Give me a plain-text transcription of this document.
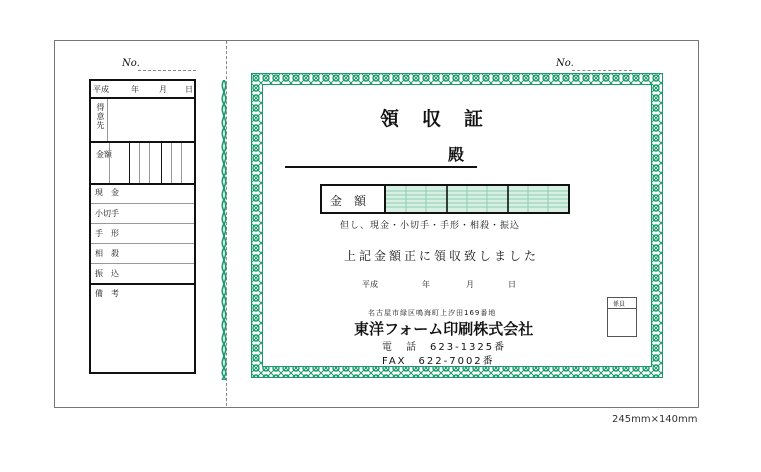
No.
平成	年	月 日
得意先
金額
現　金
小切手
手　形
相　殺
振　込
備　考
No.
領　収　証
殿
金　額
但し、現金・小切手・手形・相殺・振込
上記金額正に領収致しました
平成	年	月	日
名古屋市緑区鳴海町上汐田169番地
東洋フォーム印刷株式会社
電　話　623-1325番
FAX　622-7002番
係員
245mm×140mm
